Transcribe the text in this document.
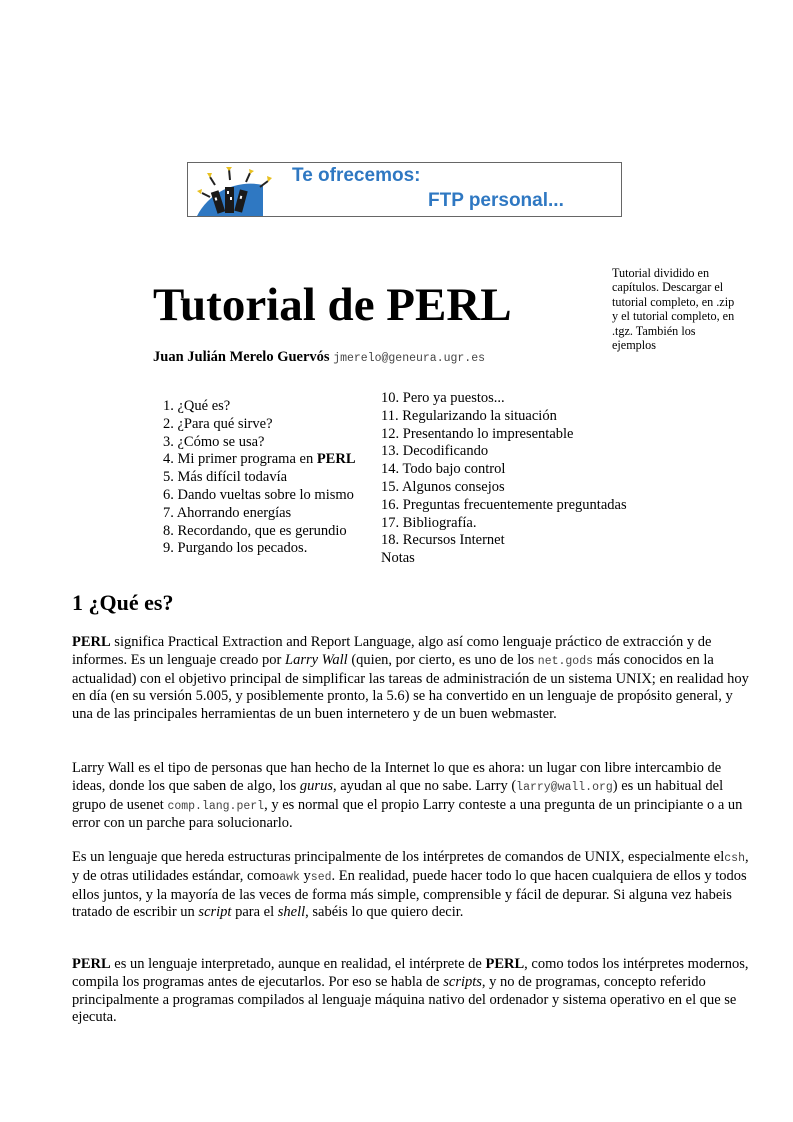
Te ofrecemos:
FTP personal...
Tutorial dividido en capítulos. Descargar el tutorial completo, en .zip y el tutorial completo, en .tgz. También los ejemplos
Tutorial de PERL
Juan Julián Merelo Guervós jmerelo@geneura.ugr.es
1. ¿Qué es?
2. ¿Para qué sirve?
3. ¿Cómo se usa?
4. Mi primer programa en PERL
5. Más difícil todavía
6. Dando vueltas sobre lo mismo
7. Ahorrando energías
8. Recordando, que es gerundio
9. Purgando los pecados.
10. Pero ya puestos...
11. Regularizando la situación
12. Presentando lo impresentable
13. Decodificando
14. Todo bajo control
15. Algunos consejos
16. Preguntas frecuentemente preguntadas
17. Bibliografía.
18. Recursos Internet
Notas
1 ¿Qué es?

PERL significa Practical Extraction and Report Language, algo así como lenguaje práctico de extracción y de informes. Es un lenguaje creado por Larry Wall (quien, por cierto, es uno de los net.gods más conocidos en la actualidad) con el objetivo principal de simplificar las tareas de administración de un sistema UNIX; en realidad hoy en día (en su versión 5.005, y posiblemente pronto, la 5.6) se ha convertido en un lenguaje de propósito general, y una de las principales herramientas de un buen internetero y de un buen webmaster.

Larry Wall es el tipo de personas que han hecho de la Internet lo que es ahora: un lugar con libre intercambio de ideas, donde los que saben de algo, los gurus, ayudan al que no sabe. Larry (larry@wall.org) es un habitual del grupo de usenet comp.lang.perl, y es normal que el propio Larry conteste a una pregunta de un principiante o a un error con un parche para solucionarlo.

Es un lenguaje que hereda estructuras principalmente de los intérpretes de comandos de UNIX, especialmente elcsh, y de otras utilidades estándar, comoawk ysed. En realidad, puede hacer todo lo que hacen cualquiera de ellos y todos ellos juntos, y la mayoría de las veces de forma más simple, comprensible y fácil de depurar. Si alguna vez habeis tratado de escribir un script para el shell, sabéis lo que quiero decir.

PERL es un lenguaje interpretado, aunque en realidad, el intérprete de PERL, como todos los intérpretes modernos, compila los programas antes de ejecutarlos. Por eso se habla de scripts, y no de programas, concepto referido principalmente a programas compilados al lenguaje máquina nativo del ordenador y sistema operativo en el que se ejecuta.
